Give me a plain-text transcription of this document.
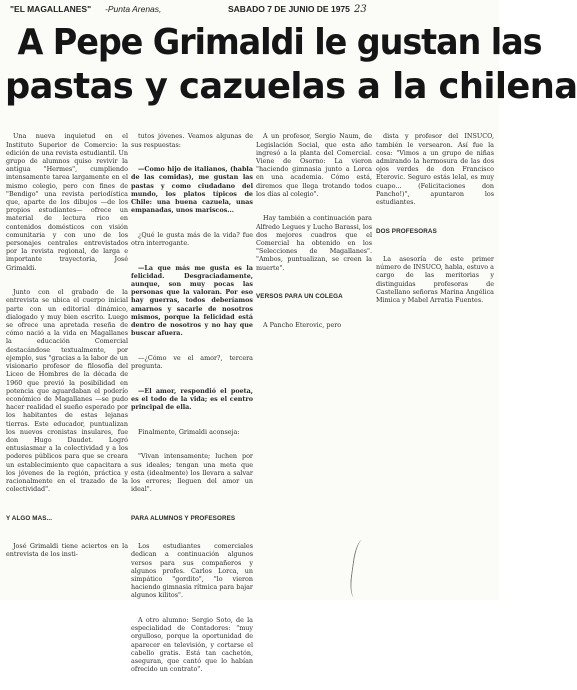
"EL MAGALLANES" -Punta Arenas,	SABADO 7 DE JUNIO DE 1975 23
A Pepe Grimaldi le gustan las
pastas y cazuelas a la chilena

Una nueva inquietud en el Instituto Superior de Comercio: la edición de una revista estudiantil. Un grupo de alumnos quiso revivir la antigua "Hermes", cumpliendo intensamente tarea largamente en el mismo colegio, pero con fines de "Bendigo" una revista periodística que, aparte de los dibujos —de los propios estudiantes— ofrece un material de lectura rico en contenidos domésticos con visión comunitaria y con uno de los personajes centrales entrevistados por la revista regional, de larga e importante trayectoria, José Grimaldi.

Junto con el grabado de la entrevista se ubica el cuerpo inicial parte con un editorial dinámico, dialogado y muy bien escrito. Luego se ofrece una apretada reseña de cómo nació a la vida en Magallanes la educación Comercial destacándose textualmente, por ejemplo, sus "gracias a la labor de un visionario profesor de filosofía del Liceo de Hombres de la década de 1960 que previó la posibilidad en potencia que aguardaban el poderío económico de Magallanes —se pudo hacer realidad el sueño esperado por los habitantes de estas lejanas tierras. Este educador, puntualizan los nuevos cronistas insulares, fue don Hugo Daudet. Logró entusiasmar a la colectividad y a los poderes públicos para que se creara un establecimiento que capacitara a los jóvenes de la región, práctica y racionalmente en el trazado de la colectividad".

Y ALGO MAS...

José Grimaldi tiene aciertos en la entrevista de los insti-

tutos jóvenes. Veamos algunas de sus respuestas:

—Como hijo de italianos, (habla de las comidas), me gustan las pastas y como ciudadano del mundo, los platos típicos de Chile: una buena cazuela, unas empanadas, unos mariscos...

¿Qué le gusta más de la vida? fue otra interrogante.

—La que más me gusta es la felicidad. Desgraciadamente, aunque, son muy pocas las personas que la valoran. Por eso hay guerras, todos deberíamos amarnos y sacarle de nosotros mismos, porque la felicidad está dentro de nosotros y no hay que buscar afuera.

—¿Cómo ve el amor?, tercera pregunta.

—El amor, respondió el poeta, es el todo de la vida; es el centro principal de ella.

Finalmente, Grimaldi aconseja:

"Vivan intensamente; luchen por sus ideales; tengan una meta que esta (idealmente) los llevara a salvar los errores; lleguen del amor un ideal".

PARA ALUMNOS Y PROFESORES

Los estudiantes comerciales dedican a continuación algunos versos para sus compañeros y algunos profes. Carlos Lorca, un simpático "gordito", "lo vieron haciendo gimnasia rítmica para bajar algunos kilitos".

A otro alumno: Sergio Soto, de la especialidad de Contadores: "muy orgulloso, porque la oportunidad de aparecer en televisión, y cortarse el cabello gratis. Está tan cachetón, aseguran, que cantó que lo habían ofrecido un contrato".

A un profesor, Sergio Naum, de Legislación Social, que esta año ingresó a la planta del Comercial. Viene de Osorno: La vieron "haciendo gimnasia junto a Lorca en una academia. Cómo está, diremos que llega trotando todos los días al colegio".

Hay también a continuación para Alfredo Legues y Lucho Barassi, los dos mejores cuadros que el Comercial ha obtenido en los "Selecciones de Magallanes". "Ambos, puntualizan, se creen la muerte".

VERSOS PARA UN COLEGA

A Pancho Eterovic, pero

dista y profesor del INSUCO, también le versearon. Así fue la cosa: "Vimos a un grupo de niñas admirando la hermosura de las dos ojos verdes de don Francisco Eterovic. Seguro estás lelal, es muy cuapo... (Felicitaciones don Pancho!)", apuntaron los estudiantes.

DOS PROFESORAS

La asesoría de este primer número de INSUCO, habla, estuvo a cargo de las meritorias y distinguidas profesoras de Castellano señoras Marina Angélica Mimica y Mabel Arratia Fuentes.
